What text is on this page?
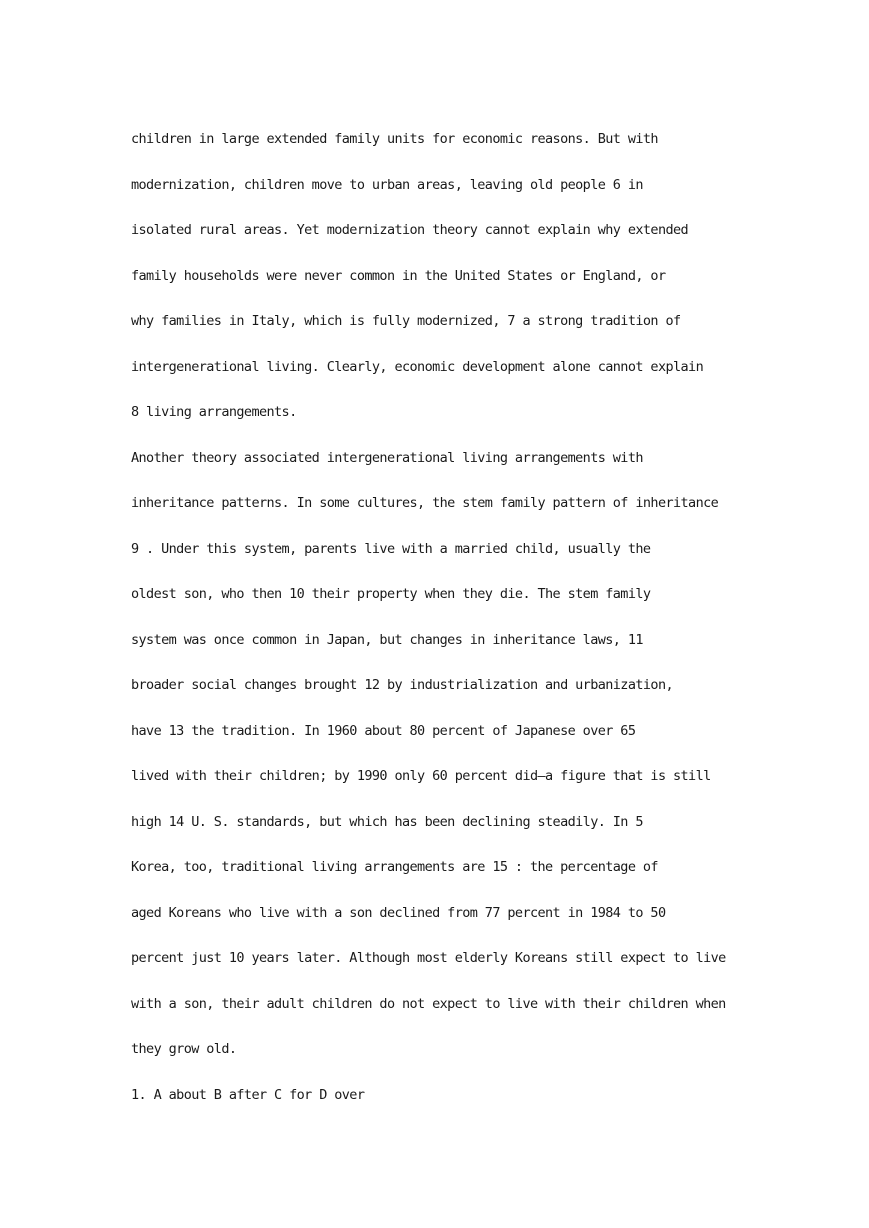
children in large extended family units for economic reasons. But with
modernization, children move to urban areas, leaving old people 6 in
isolated rural areas. Yet modernization theory cannot explain why extended
family households were never common in the United States or England, or
why families in Italy, which is fully modernized, 7 a strong tradition of
intergenerational living. Clearly, economic development alone cannot explain
8 living arrangements.
Another theory associated intergenerational living arrangements with
inheritance patterns. In some cultures, the stem family pattern of inheritance
9 . Under this system, parents live with a married child, usually the
oldest son, who then 10 their property when they die. The stem family
system was once common in Japan, but changes in inheritance laws, 11
broader social changes brought 12 by industrialization and urbanization,
have 13 the tradition. In 1960 about 80 percent of Japanese over 65
lived with their children; by 1990 only 60 percent did—a figure that is still
high 14 U. S. standards, but which has been declining steadily. In 5
Korea, too, traditional living arrangements are 15 : the percentage of
aged Koreans who live with a son declined from 77 percent in 1984 to 50
percent just 10 years later. Although most elderly Koreans still expect to live
with a son, their adult children do not expect to live with their children when
they grow old.
1. A about B after C for D over
